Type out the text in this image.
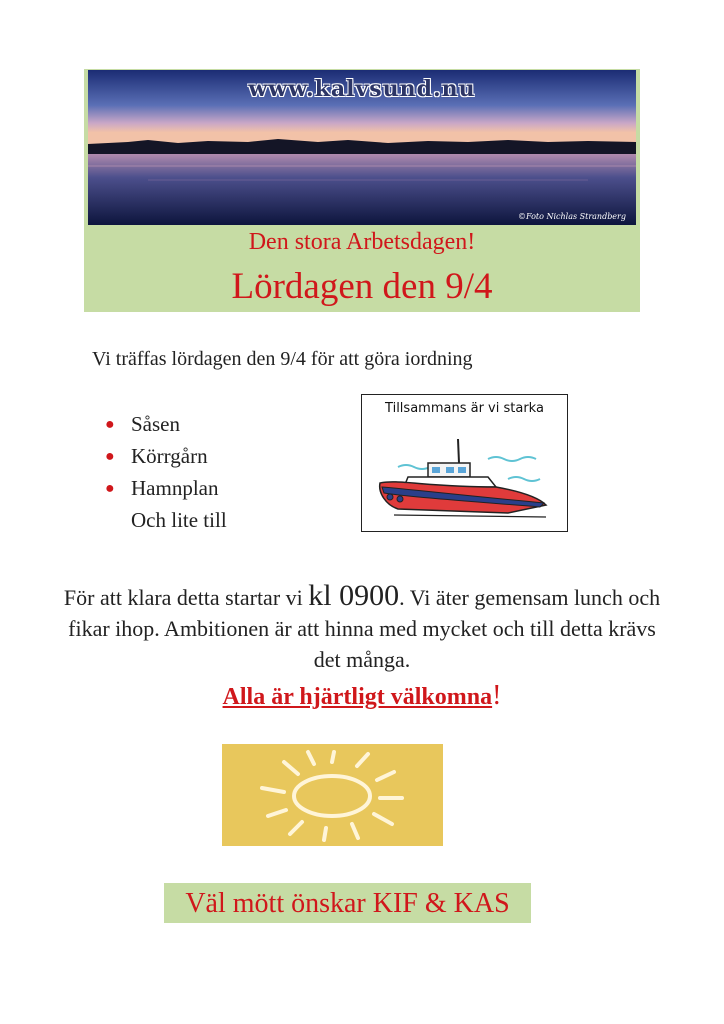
www.kalvsund.nu
©Foto Nichlas Strandberg
Den stora Arbetsdagen!
Lördagen den 9/4
Vi träffas lördagen den 9/4 för att göra iordning
● Såsen
● Körrgårn
● Hamnplan
Och lite till
Tillsammans är vi starka
För att klara detta startar vi kl 0900. Vi äter gemensam lunch och fikar ihop. Ambitionen är att hinna med mycket och till detta krävs det många.
Alla är hjärtligt välkomna!
Väl mött önskar KIF & KAS
